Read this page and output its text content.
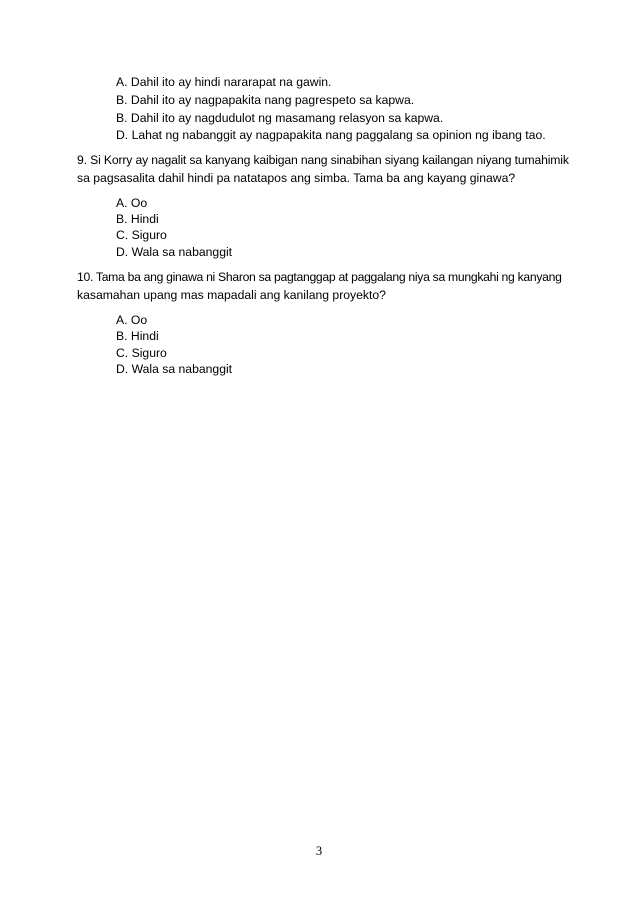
A. Dahil ito ay hindi nararapat na gawin.
B. Dahil ito ay nagpapakita nang pagrespeto sa kapwa.
B. Dahil ito ay nagdudulot ng masamang relasyon sa kapwa.
D. Lahat ng nabanggit ay nagpapakita nang paggalang sa opinion ng ibang tao.
9. Si Korry ay nagalit sa kanyang kaibigan nang sinabihan siyang kailangan niyang tumahimik
sa pagsasalita dahil hindi pa natatapos ang simba. Tama ba ang kayang ginawa?
A. Oo
B. Hindi
C. Siguro
D. Wala sa nabanggit
10. Tama ba ang ginawa ni Sharon sa pagtanggap at paggalang niya sa mungkahi ng kanyang
kasamahan upang mas mapadali ang kanilang proyekto?
A. Oo
B. Hindi
C. Siguro
D. Wala sa nabanggit
3
